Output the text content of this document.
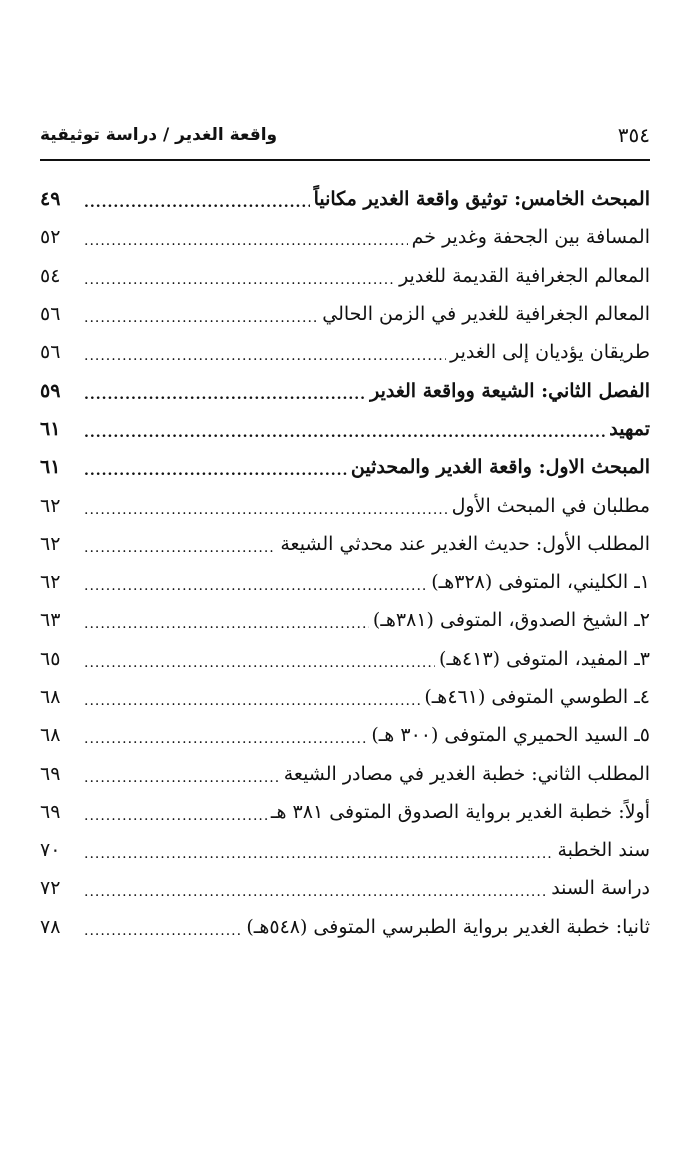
٣٥٤
واقعة الغدير / دراسة توثيقية
المبحث الخامس: توثيق واقعة الغدير مكانياً
.....
٤٩
المسافة بين الجحفة وغدير خم
.....
٥٢
المعالم الجغرافية القديمة للغدير
.....
٥٤
المعالم الجغرافية للغدير في الزمن الحالي
.....
٥٦
طريقان يؤديان إلى الغدير
.....
٥٦
الفصل الثاني: الشيعة وواقعة الغدير
.....
٥٩
تمهيد
.....
٦١
المبحث الاول: واقعة الغدير والمحدثين
.....
٦١
مطلبان في المبحث الأول
.....
٦٢
المطلب الأول: حديث الغدير عند محدثي الشيعة
.....
٦٢
١ـ الكليني، المتوفى (٣٢٨هـ)
.....
٦٢
٢ـ الشيخ الصدوق، المتوفى (٣٨١هـ)
.....
٦٣
٣ـ المفيد، المتوفى (٤١٣هـ)
.....
٦٥
٤ـ الطوسي المتوفى (٤٦١هـ)
.....
٦٨
٥ـ السيد الحميري المتوفى (٣٠٠ هـ)
.....
٦٨
المطلب الثاني: خطبة الغدير في مصادر الشيعة
.....
٦٩
أولاً: خطبة الغدير برواية الصدوق المتوفى ٣٨١ هـ
.....
٦٩
سند الخطبة
.....
٧٠
دراسة السند
.....
٧٢
ثانيا: خطبة الغدير برواية الطبرسي المتوفى (٥٤٨هـ)
.....
٧٨
